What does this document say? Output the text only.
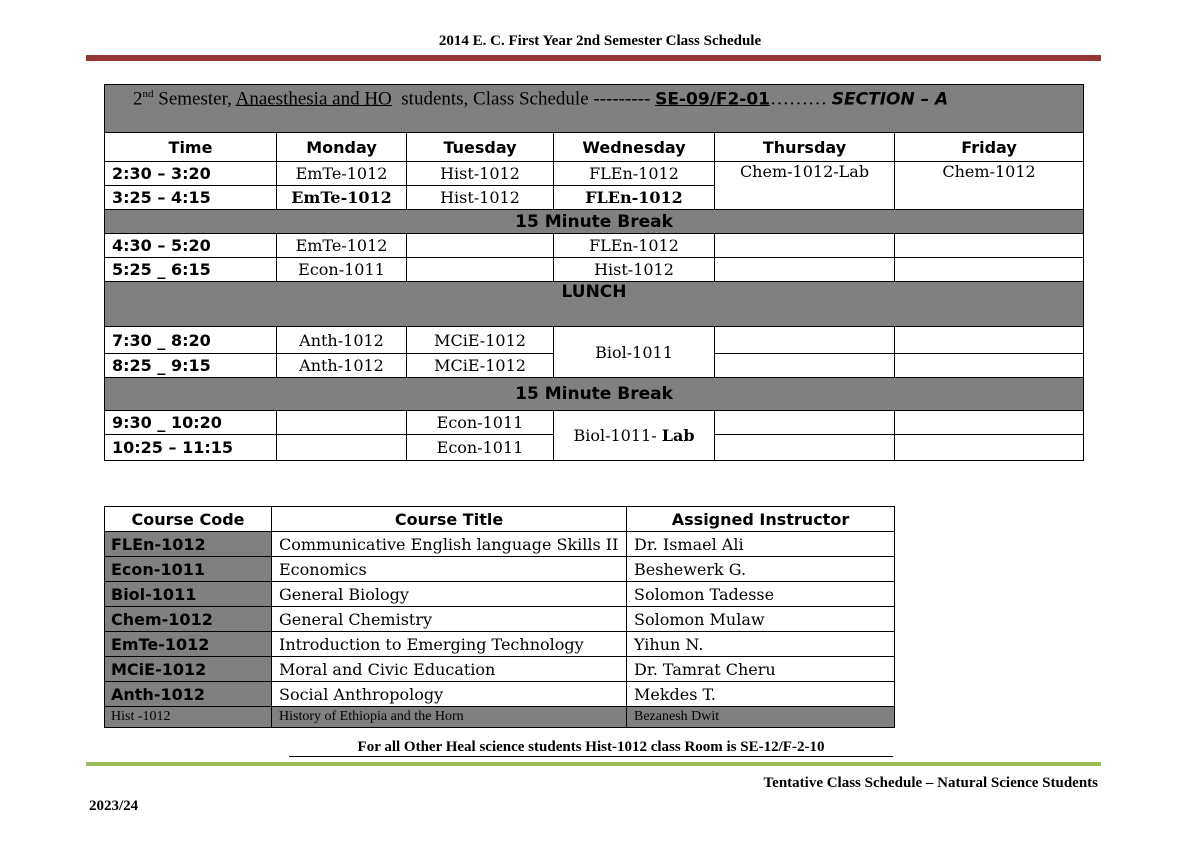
2014 E. C. First Year 2nd Semester Class Schedule
2nd Semester, Anaesthesia and HO  students, Class Schedule --------- SE-09/F2-01……… SECTION – A					
Time	Monday	Tuesday	Wednesday	Thursday	Friday
2:30 – 3:20	EmTe-1012	Hist-1012	FLEn-1012	Chem-1012-Lab	Chem-1012
3:25 – 4:15	EmTe-1012	Hist-1012	FLEn-1012		
15 Minute Break					
4:30 – 5:20	EmTe-1012		FLEn-1012		
5:25 _ 6:15	Econ-1011		Hist-1012		
LUNCH					
7:30 _ 8:20	Anth-1012	MCiE-1012	Biol-1011		
8:25 _ 9:15	Anth-1012	MCiE-1012			
15 Minute Break					
9:30 _ 10:20		Econ-1011	Biol-1011- Lab		
10:25 – 11:15		Econ-1011			
Course Code	Course Title	Assigned Instructor
FLEn-1012	Communicative English language Skills II	Dr. Ismael Ali
Econ-1011	Economics	Beshewerk G.
Biol-1011	General Biology	Solomon Tadesse
Chem-1012	General Chemistry	Solomon Mulaw
EmTe-1012	Introduction to Emerging Technology	Yihun N.
MCiE-1012	Moral and Civic Education	Dr. Tamrat Cheru
Anth-1012	Social Anthropology	Mekdes T.
Hist -1012	History of Ethiopia and the Horn	Bezanesh Dwit
For all Other Heal science students Hist-1012 class Room is SE-12/F-2-10
Tentative Class Schedule – Natural Science Students
2023/24
